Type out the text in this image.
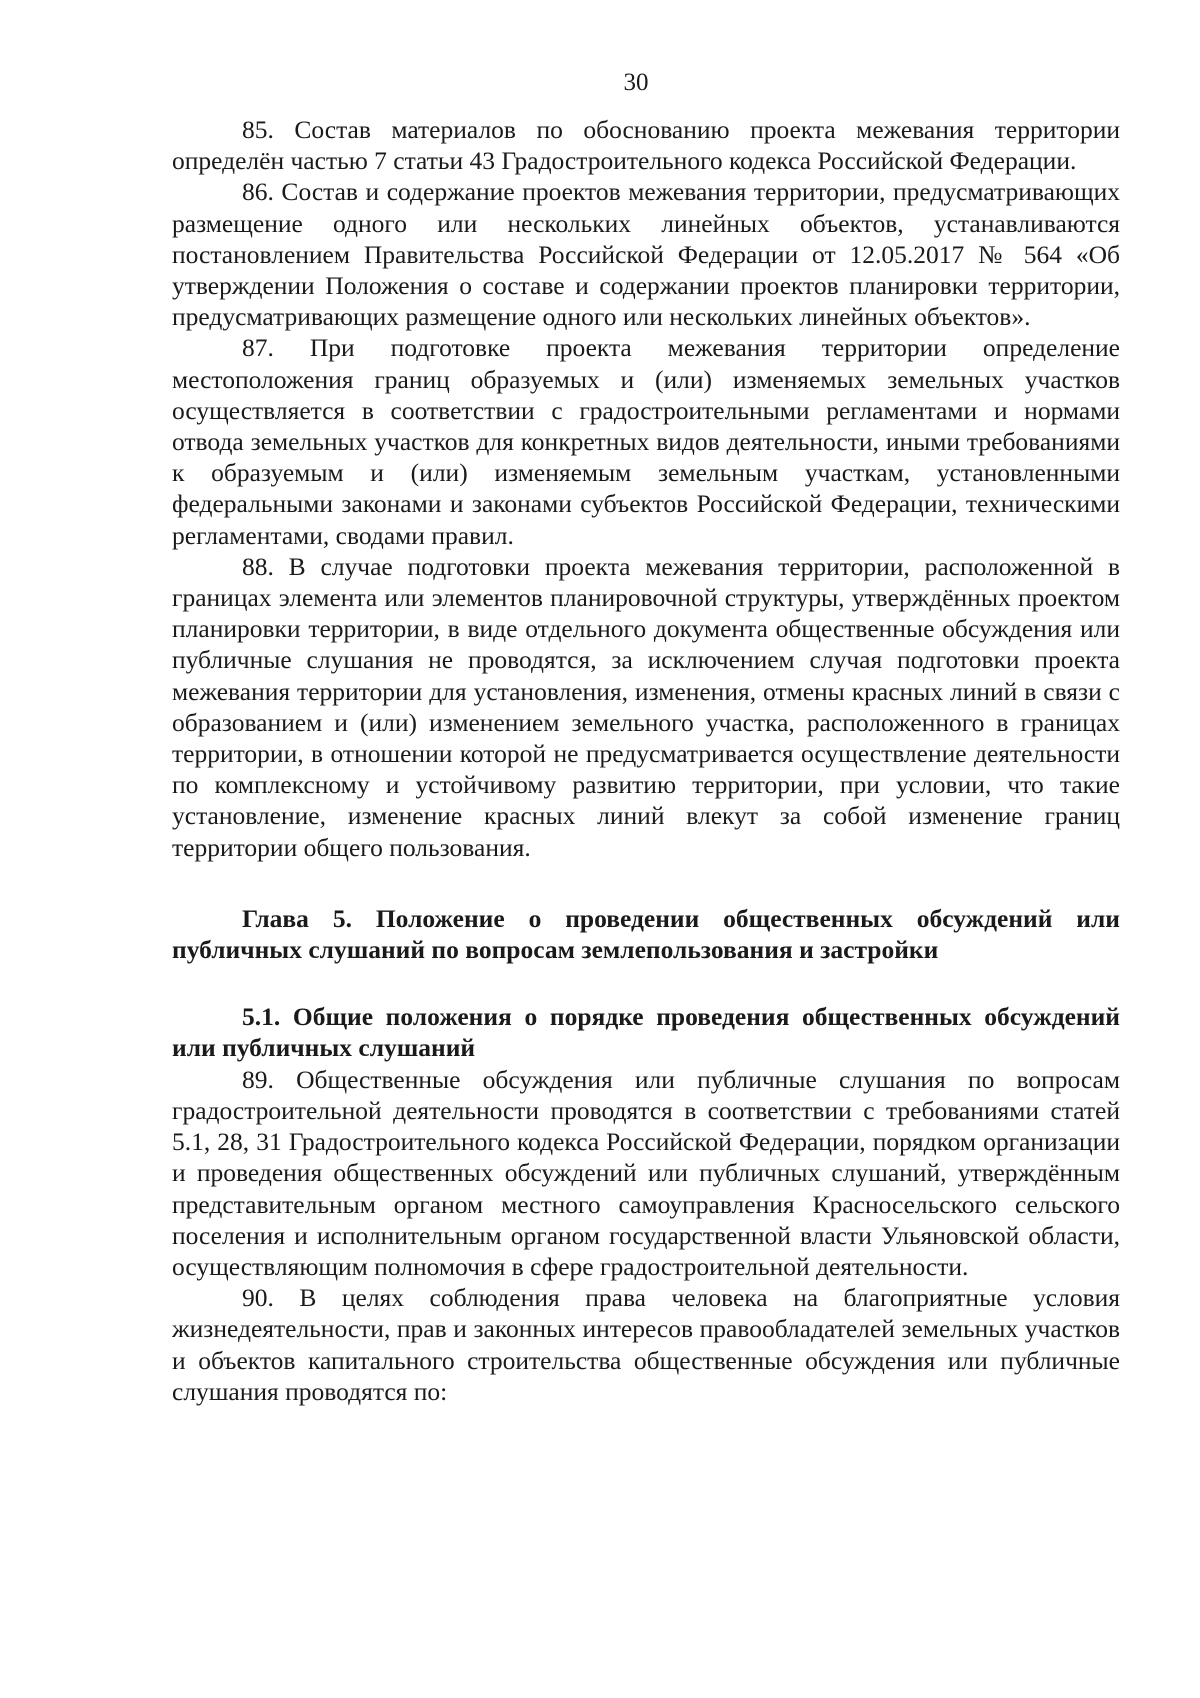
30

85. Состав материалов по обоснованию проекта межевания территории определён частью 7 статьи 43 Градостроительного кодекса Российской Федерации.

86. Состав и содержание проектов межевания территории, предусматривающих размещение одного или нескольких линейных объектов, устанавливаются постановлением Правительства Российской Федерации от 12.05.2017 № 564 «Об утверждении Положения о составе и содержании проектов планировки территории, предусматривающих размещение одного или нескольких линейных объектов».

87. При подготовке проекта межевания территории определение местоположения границ образуемых и (или) изменяемых земельных участков осуществляется в соответствии с градостроительными регламентами и нормами отвода земельных участков для конкретных видов деятельности, иными требованиями к образуемым и (или) изменяемым земельным участкам, установленными федеральными законами и законами субъектов Российской Федерации, техническими регламентами, сводами правил.

88. В случае подготовки проекта межевания территории, расположенной в границах элемента или элементов планировочной структуры, утверждённых проектом планировки территории, в виде отдельного документа общественные обсуждения или публичные слушания не проводятся, за исключением случая подготовки проекта межевания территории для установления, изменения, отмены красных линий в связи с образованием и (или) изменением земельного участка, расположенного в границах территории, в отношении которой не предусматривается осуществление деятельности по комплексному и устойчивому развитию территории, при условии, что такие установление, изменение красных линий влекут за собой изменение границ территории общего пользования.

Глава 5. Положение о проведении общественных обсуждений или публичных слушаний по вопросам землепользования и застройки

5.1. Общие положения о порядке проведения общественных обсуждений или публичных слушаний

89. Общественные обсуждения или публичные слушания по вопросам градостроительной деятельности проводятся в соответствии с требованиями статей 5.1, 28, 31 Градостроительного кодекса Российской Федерации, порядком организации и проведения общественных обсуждений или публичных слушаний, утверждённым представительным органом местного самоуправления Красносельского сельского поселения и исполнительным органом государственной власти Ульяновской области, осуществляющим полномочия в сфере градостроительной деятельности.

90. В целях соблюдения права человека на благоприятные условия жизнедеятельности, прав и законных интересов правообладателей земельных участков и объектов капитального строительства общественные обсуждения или публичные слушания проводятся по:
